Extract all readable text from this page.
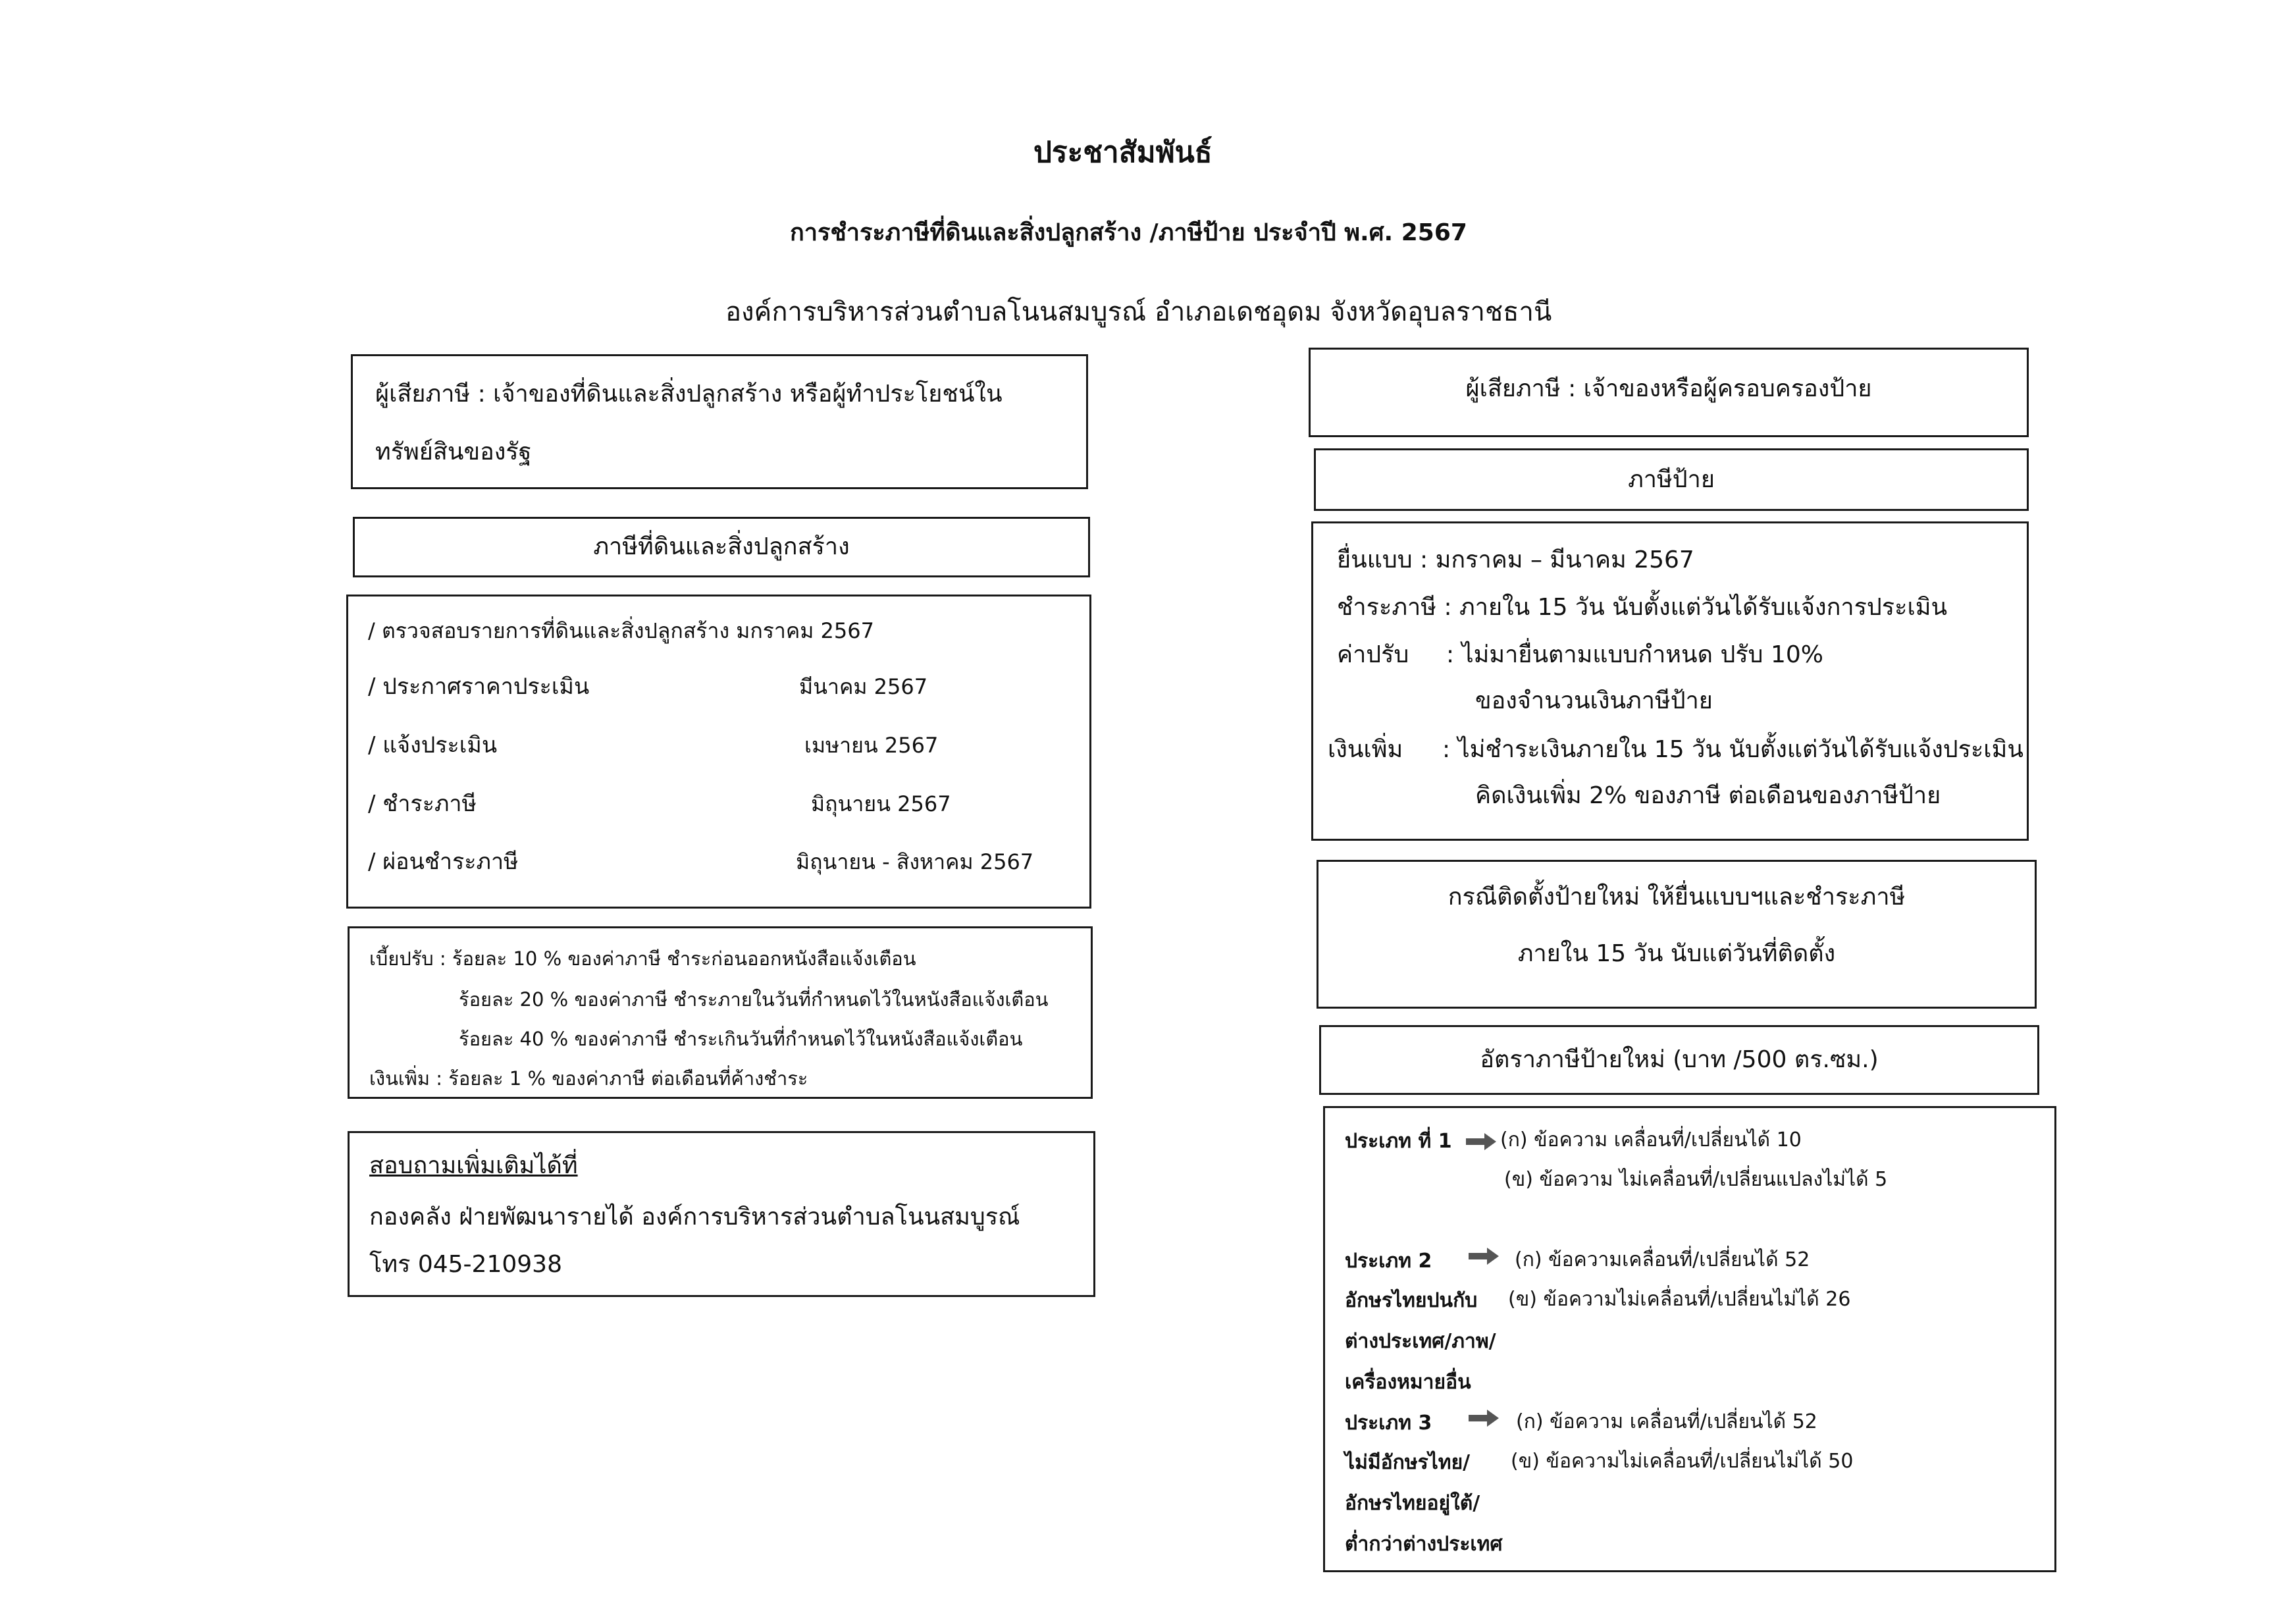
ประชาสัมพันธ์
การชำระภาษีที่ดินและสิ่งปลูกสร้าง /ภาษีป้าย ประจำปี พ.ศ. 2567
องค์การบริหารส่วนตำบลโนนสมบูรณ์ อำเภอเดชอุดม จังหวัดอุบลราชธานี
ผู้เสียภาษี : เจ้าของที่ดินและสิ่งปลูกสร้าง หรือผู้ทำประโยชน์ใน
ทรัพย์สินของรัฐ
ภาษีที่ดินและสิ่งปลูกสร้าง
/ ตรวจสอบรายการที่ดินและสิ่งปลูกสร้าง มกราคม 2567
/ ประกาศราคาประเมิน	มีนาคม 2567
/ แจ้งประเมิน	เมษายน 2567
/ ชำระภาษี	มิถุนายน 2567
/ ผ่อนชำระภาษี	มิถุนายน - สิงหาคม 2567
เบี้ยปรับ : ร้อยละ 10 % ของค่าภาษี ชำระก่อนออกหนังสือแจ้งเตือน
ร้อยละ 20 % ของค่าภาษี ชำระภายในวันที่กำหนดไว้ในหนังสือแจ้งเตือน
ร้อยละ 40 % ของค่าภาษี ชำระเกินวันที่กำหนดไว้ในหนังสือแจ้งเตือน
เงินเพิ่ม : ร้อยละ 1 % ของค่าภาษี ต่อเดือนที่ค้างชำระ
สอบถามเพิ่มเติมได้ที่
กองคลัง ฝ่ายพัฒนารายได้ องค์การบริหารส่วนตำบลโนนสมบูรณ์
โทร 045-210938
ผู้เสียภาษี : เจ้าของหรือผู้ครอบครองป้าย
ภาษีป้าย
ยื่นแบบ : มกราคม – มีนาคม 2567
ชำระภาษี : ภายใน 15 วัน นับตั้งแต่วันได้รับแจ้งการประเมิน
ค่าปรับ : ไม่มายื่นตามแบบกำหนด ปรับ 10%
ของจำนวนเงินภาษีป้าย
เงินเพิ่ม : ไม่ชำระเงินภายใน 15 วัน นับตั้งแต่วันได้รับแจ้งประเมิน
คิดเงินเพิ่ม 2% ของภาษี ต่อเดือนของภาษีป้าย
กรณีติดตั้งป้ายใหม่ ให้ยื่นแบบฯและชำระภาษี
ภายใน 15 วัน นับแต่วันที่ติดตั้ง
อัตราภาษีป้ายใหม่ (บาท /500 ตร.ซม.)
ประเภท ที่ 1 (ก) ข้อความ เคลื่อนที่/เปลี่ยนได้ 10
(ข) ข้อความ ไม่เคลื่อนที่/เปลี่ยนแปลงไม่ได้ 5
ประเภท 2	(ก) ข้อความเคลื่อนที่/เปลี่ยนได้ 52
อักษรไทยปนกับ (ข) ข้อความไม่เคลื่อนที่/เปลี่ยนไม่ได้ 26
ต่างประเทศ/ภาพ/
เครื่องหมายอื่น
ประเภท 3	(ก) ข้อความ เคลื่อนที่/เปลี่ยนได้ 52
ไม่มีอักษรไทย/ (ข) ข้อความไม่เคลื่อนที่/เปลี่ยนไม่ได้ 50
อักษรไทยอยู่ใต้/
ต่ำกว่าต่างประเทศ
